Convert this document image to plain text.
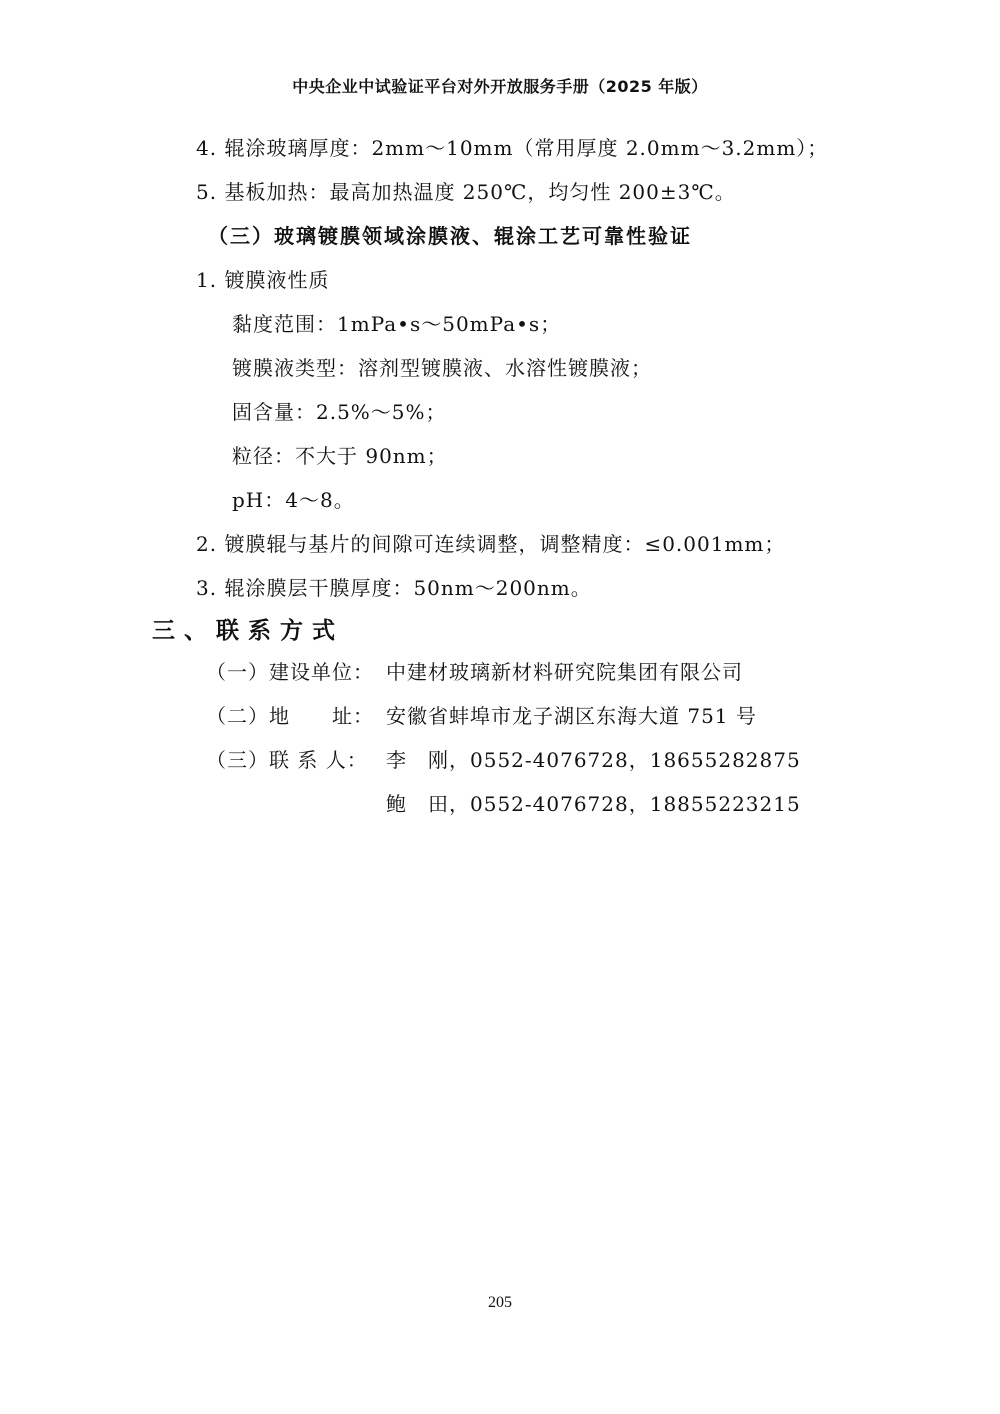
中央企业中试验证平台对外开放服务手册（2025 年版）
4. 辊涂玻璃厚度：2mm～10mm（常用厚度 2.0mm～3.2mm）；
5. 基板加热：最高加热温度 250℃，均匀性 200±3℃。
（三）玻璃镀膜领域涂膜液、辊涂工艺可靠性验证
1. 镀膜液性质
黏度范围：1mPa•s～50mPa•s；
镀膜液类型：溶剂型镀膜液、水溶性镀膜液；
固含量：2.5%～5%；
粒径：不大于 90nm；
pH：4～8。
2. 镀膜辊与基片的间隙可连续调整，调整精度：≤0.001mm；
3. 辊涂膜层干膜厚度：50nm～200nm。
三、联系方式
（一）建设单位： 中建材玻璃新材料研究院集团有限公司
（二）地　　址： 安徽省蚌埠市龙子湖区东海大道 751 号
（三）联 系 人： 李　刚，0552-4076728，18655282875
鲍　田，0552-4076728，18855223215
205
